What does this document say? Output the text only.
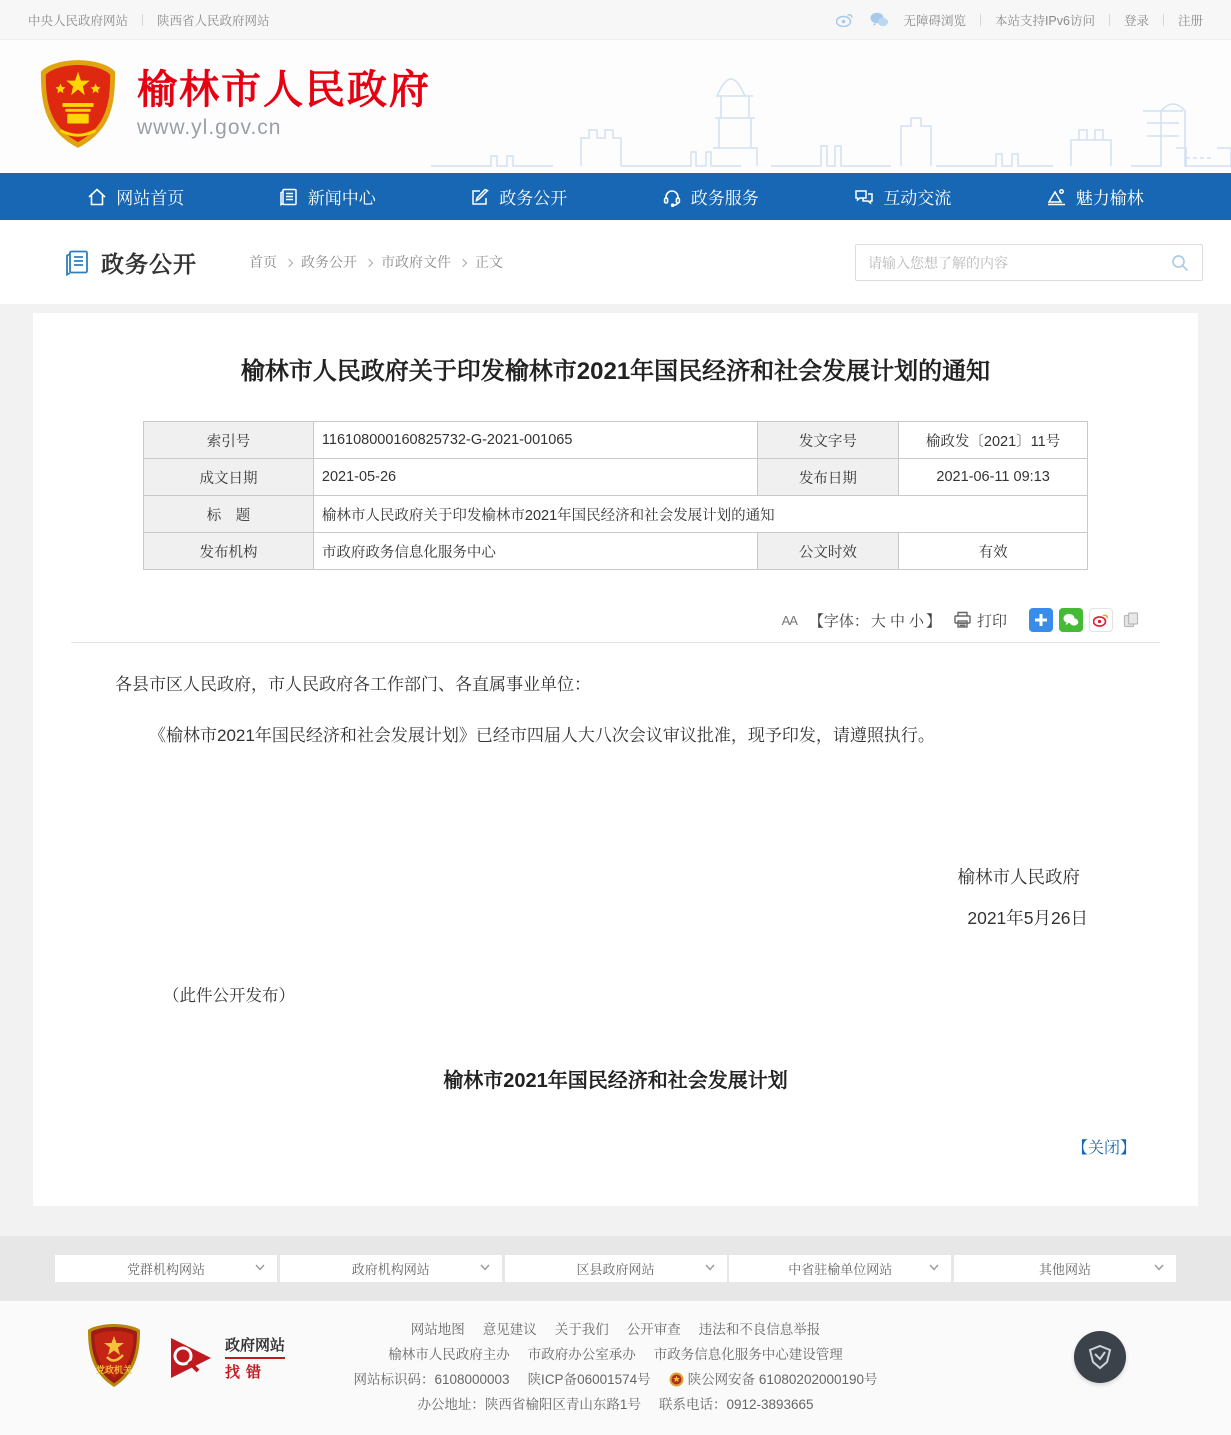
中央人民政府网站 陕西省人民政府网站	无障碍浏览 本站支持IPv6访问 登录 注册
榆林市人民政府
www.yl.gov.cn
网站首页	新闻中心	政务公开	政务服务	互动交流	魅力榆林
政务公开	首页 政务公开 市政府文件 正文
请输入您想了解的内容
榆林市人民政府关于印发榆林市2021年国民经济和社会发展计划的通知
索引号	116108000160825732-G-2021-001065	发文字号	榆政发〔2021〕11号
成文日期	2021-05-26	发布日期	2021-06-11 09:13
标　题	榆林市人民政府关于印发榆林市2021年国民经济和社会发展计划的通知		
发布机构	市政府政务信息化服务中心	公文时效	有效
AA 【字体： 大 中 小 】 打印

各县市区人民政府，市人民政府各工作部门、各直属事业单位：

《榆林市2021年国民经济和社会发展计划》已经市四届人大八次会议审议批准，现予印发，请遵照执行。

榆林市人民政府
2021年5月26日
（此件公开发布）
榆林市2021年国民经济和社会发展计划
【关闭】
党群机构网站	政府机构网站	区县政府网站	中省驻榆单位网站	其他网站
党政机关
政府网站
找错
网站地图 意见建议 关于我们 公开审查 违法和不良信息举报
榆林市人民政府主办 市政府办公室承办 市政务信息化服务中心建设管理
网站标识码：6108000003 陕ICP备06001574号	陕公网安备 61080202000190号
办公地址：陕西省榆阳区青山东路1号 联系电话：0912-3893665
